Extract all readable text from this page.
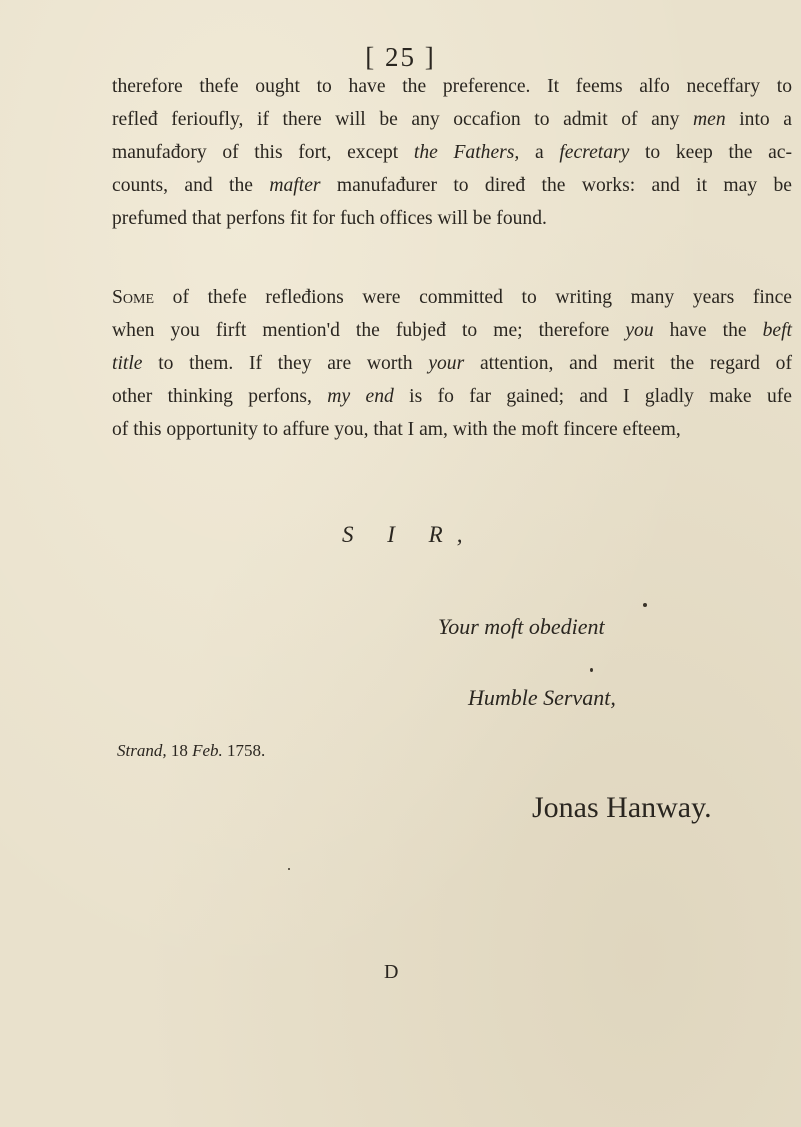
[ 25 ]
therefore thefe ought to have the preference. It feems alfo neceffary to
refleđ ferioufly, if there will be any occafion to admit of any men into a
manufađory of this fort, except the Fathers, a fecretary to keep the ac-
counts, and the mafter manufađurer to diređ the works: and it may be
prefumed that perfons fit for fuch offices will be found.
Some of thefe refleđions were committed to writing many years fince
when you firft mention'd the fubjeđ to me; therefore you have the beft
title to them. If they are worth your attention, and merit the regard of
other thinking perfons, my end is fo far gained; and I gladly make ufe
of this opportunity to affure you, that I am, with the moft fincere efteem,
S I R,
Your moft obedient
Humble Servant,
Strand, 18 Feb. 1758.
Jonas Hanway.
D
